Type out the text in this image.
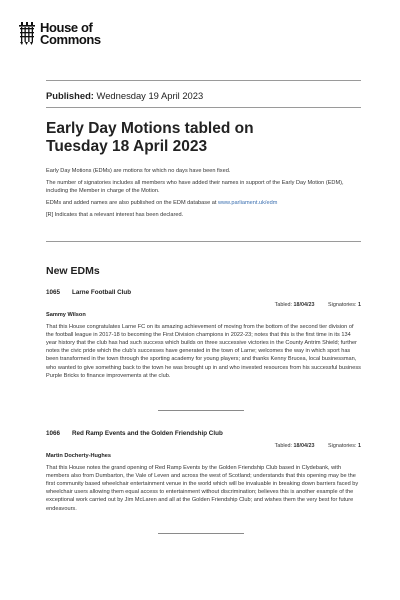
House of
Commons
Published: Wednesday 19 April 2023
Early Day Motions tabled on
Tuesday 18 April 2023

Early Day Motions (EDMs) are motions for which no days have been fixed.

The number of signatories includes all members who have added their names in support of the Early Day Motion (EDM), including the Member in charge of the Motion.

EDMs and added names are also published on the EDM database at www.parliament.uk/edm

[R] Indicates that a relevant interest has been declared.

New EDMs
1065	Larne Football Club
Tabled: 18/04/23	Signatories: 1
Sammy Wilson
That this House congratulates Larne FC on its amazing achievement of moving from the bottom of the second tier division of the football league in 2017-18 to becoming the First Division champions in 2022-23; notes that this is the first time in its 134 year history that the club has had such success which builds on three successive victories in the County Antrim Shield; further notes the civic pride which the club's successes have generated in the town of Larne; welcomes the way in which sport has been transformed in the town through the sporting academy for young players; and thanks Kenny Brucea, local businessman, who wanted to give something back to the town he was brought up in and who invested resources from his successful business Purple Bricks to finance improvements at the club.
1066	Red Ramp Events and the Golden Friendship Club
Tabled: 18/04/23	Signatories: 1
Martin Docherty-Hughes
That this House notes the grand opening of Red Ramp Events by the Golden Friendship Club based in Clydebank, with members also from Dumbarton, the Vale of Leven and across the west of Scotland; understands that this opening may be the first community based wheelchair entertainment venue in the world which will be invaluable in breaking down barriers faced by wheelchair users allowing them equal access to entertainment without discrimination; believes this is another example of the exceptional work carried out by Jim McLaren and all at the Golden Friendship Club; and wishes them the very best for future endeavours.
